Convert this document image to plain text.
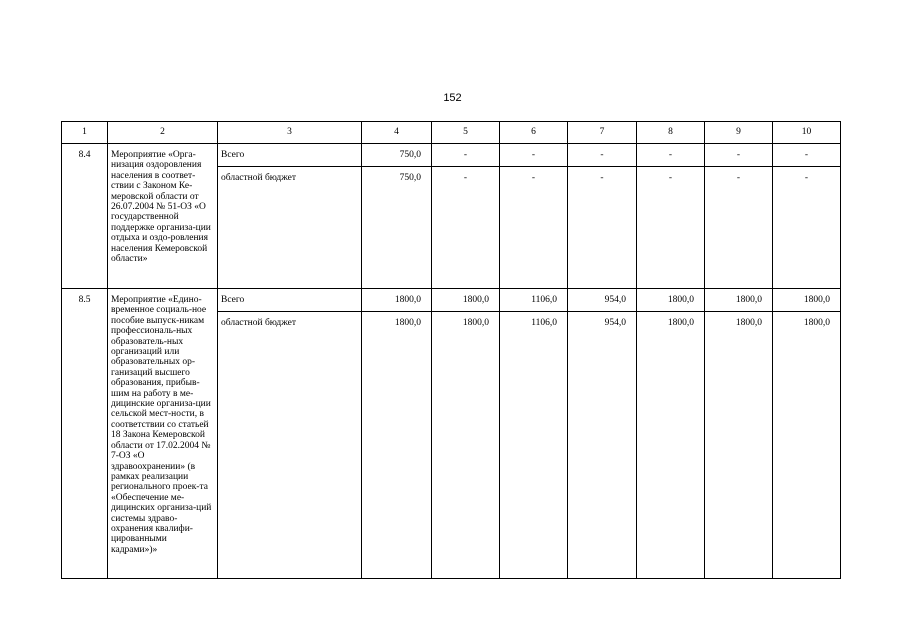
152
1	2	3	4	5	6	7	8	9	10
8.4	Мероприятие «Орга-низация оздоровления населения в соответ-ствии с Законом Ке-меровской области от 26.07.2004 № 51-ОЗ «О государственной поддержке организа-ции отдыха и оздо-ровления населения Кемеровской области»	Всего	750,0	-	-	-	-	-	-
		областной бюджет	750,0	-	-	-	-	-	-
8.5	Мероприятие «Едино-временное социаль-ное пособие выпуск-никам профессиональ-ных образователь-ных организаций или образовательных ор-ганизаций высшего образования, прибыв-шим на работу в ме-дицинские организа-ции сельской мест-ности, в соответствии со статьей 18 Закона Кемеровской области от 17.02.2004 № 7-ОЗ «О здравоохранении» (в рамках реализации регионального проек-та «Обеспечение ме-дицинских организа-ций системы здраво-охранения квалифи-цированными кадрами»)»	Всего	1800,0	1800,0	1106,0	954,0	1800,0	1800,0	1800,0
		областной бюджет	1800,0	1800,0	1106,0	954,0	1800,0	1800,0	1800,0
